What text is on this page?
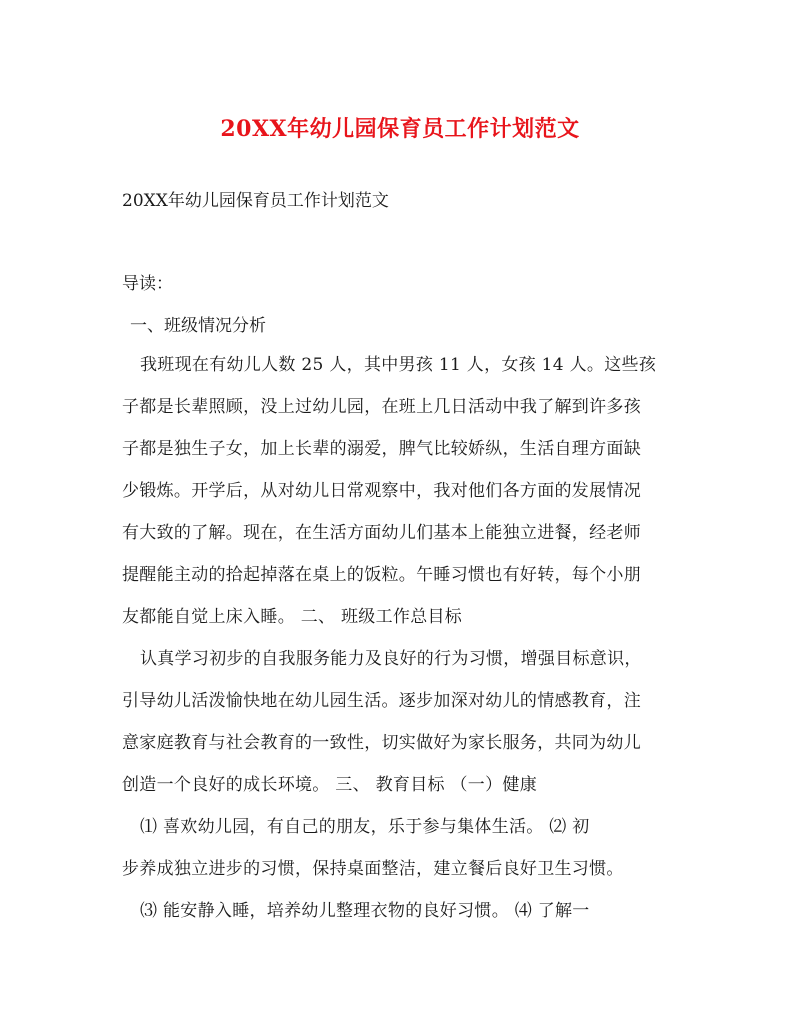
20XX年幼儿园保育员工作计划范文
20XX年幼儿园保育员工作计划范文
导读：
一、班级情况分析
我班现在有幼儿人数 25 人，其中男孩 11 人，女孩 14 人。这些孩
子都是长辈照顾，没上过幼儿园，在班上几日活动中我了解到许多孩
子都是独生子女，加上长辈的溺爱，脾气比较娇纵，生活自理方面缺
少锻炼。开学后，从对幼儿日常观察中，我对他们各方面的发展情况
有大致的了解。现在，在生活方面幼儿们基本上能独立进餐，经老师
提醒能主动的拾起掉落在桌上的饭粒。午睡习惯也有好转，每个小朋
友都能自觉上床入睡。 二、 班级工作总目标
认真学习初步的自我服务能力及良好的行为习惯，增强目标意识，
引导幼儿活泼愉快地在幼儿园生活。逐步加深对幼儿的情感教育，注
意家庭教育与社会教育的一致性，切实做好为家长服务，共同为幼儿
创造一个良好的成长环境。 三、 教育目标 （一）健康
⑴ 喜欢幼儿园，有自己的朋友，乐于参与集体生活。 ⑵ 初
步养成独立进步的习惯，保持桌面整洁，建立餐后良好卫生习惯。
⑶ 能安静入睡，培养幼儿整理衣物的良好习惯。 ⑷ 了解一
